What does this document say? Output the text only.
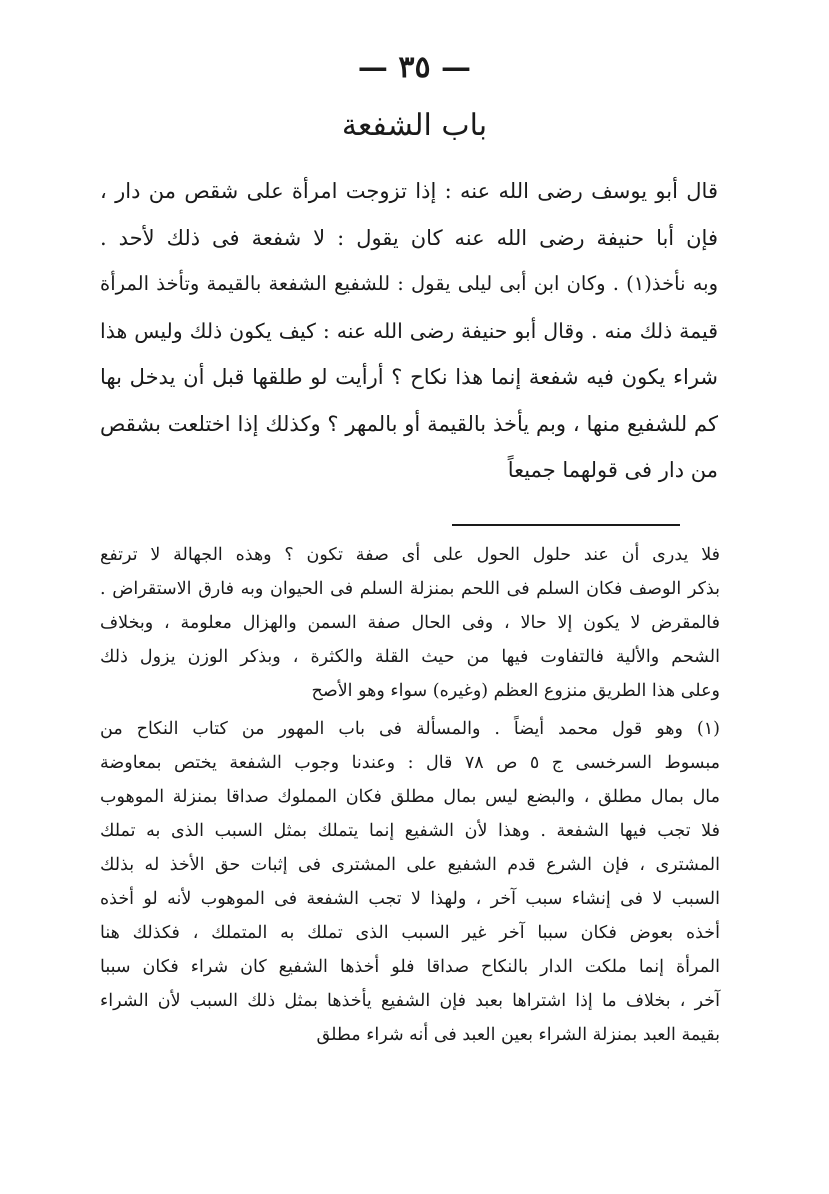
— ٣٥ —
باب الشفعة
قال أبو يوسف رضى الله عنه : إذا تزوجت امرأة على شقص من دار ،
فإن أبا حنيفة رضى الله عنه كان يقول : لا شفعة فى ذلك لأحد .
وبه نأخذ(١) . وكان ابن أبى ليلى يقول : للشفيع الشفعة بالقيمة وتأخذ المرأة
قيمة ذلك منه . وقال أبو حنيفة رضى الله عنه : كيف يكون ذلك وليس هذا
شراء يكون فيه شفعة إنما هذا نكاح ؟ أرأيت لو طلقها قبل أن يدخل بها
كم للشفيع منها ، وبم يأخذ بالقيمة أو بالمهر ؟ وكذلك إذا اختلعت بشقص
من دار فى قولهما جميعاً
فلا يدرى أن عند حلول الحول على أى صفة تكون ؟ وهذه الجهالة لا ترتفع
بذكر الوصف فكان السلم فى اللحم بمنزلة السلم فى الحيوان وبه فارق الاستقراض .
فالمقرض لا يكون إلا حالا ، وفى الحال صفة السمن والهزال معلومة ، وبخلاف
الشحم والألية فالتفاوت فيها من حيث القلة والكثرة ، وبذكر الوزن يزول ذلك
وعلى هذا الطريق منزوع العظم (وغيره) سواء وهو الأصح
(١) وهو قول محمد أيضاً . والمسألة فى باب المهور من كتاب النكاح من
مبسوط السرخسى ج ٥ ص ٧٨ قال : وعندنا وجوب الشفعة يختص بمعاوضة
مال بمال مطلق ، والبضع ليس بمال مطلق فكان المملوك صداقا بمنزلة الموهوب
فلا تجب فيها الشفعة . وهذا لأن الشفيع إنما يتملك بمثل السبب الذى به تملك
المشترى ، فإن الشرع قدم الشفيع على المشترى فى إثبات حق الأخذ له بذلك
السبب لا فى إنشاء سبب آخر ، ولهذا لا تجب الشفعة فى الموهوب لأنه لو أخذه
أخذه بعوض فكان سببا آخر غير السبب الذى تملك به المتملك ، فكذلك هنا
المرأة إنما ملكت الدار بالنكاح صداقا فلو أخذها الشفيع كان شراء فكان سببا
آخر ، بخلاف ما إذا اشتراها بعبد فإن الشفيع يأخذها بمثل ذلك السبب لأن الشراء
بقيمة العبد بمنزلة الشراء بعين العبد فى أنه شراء مطلق
